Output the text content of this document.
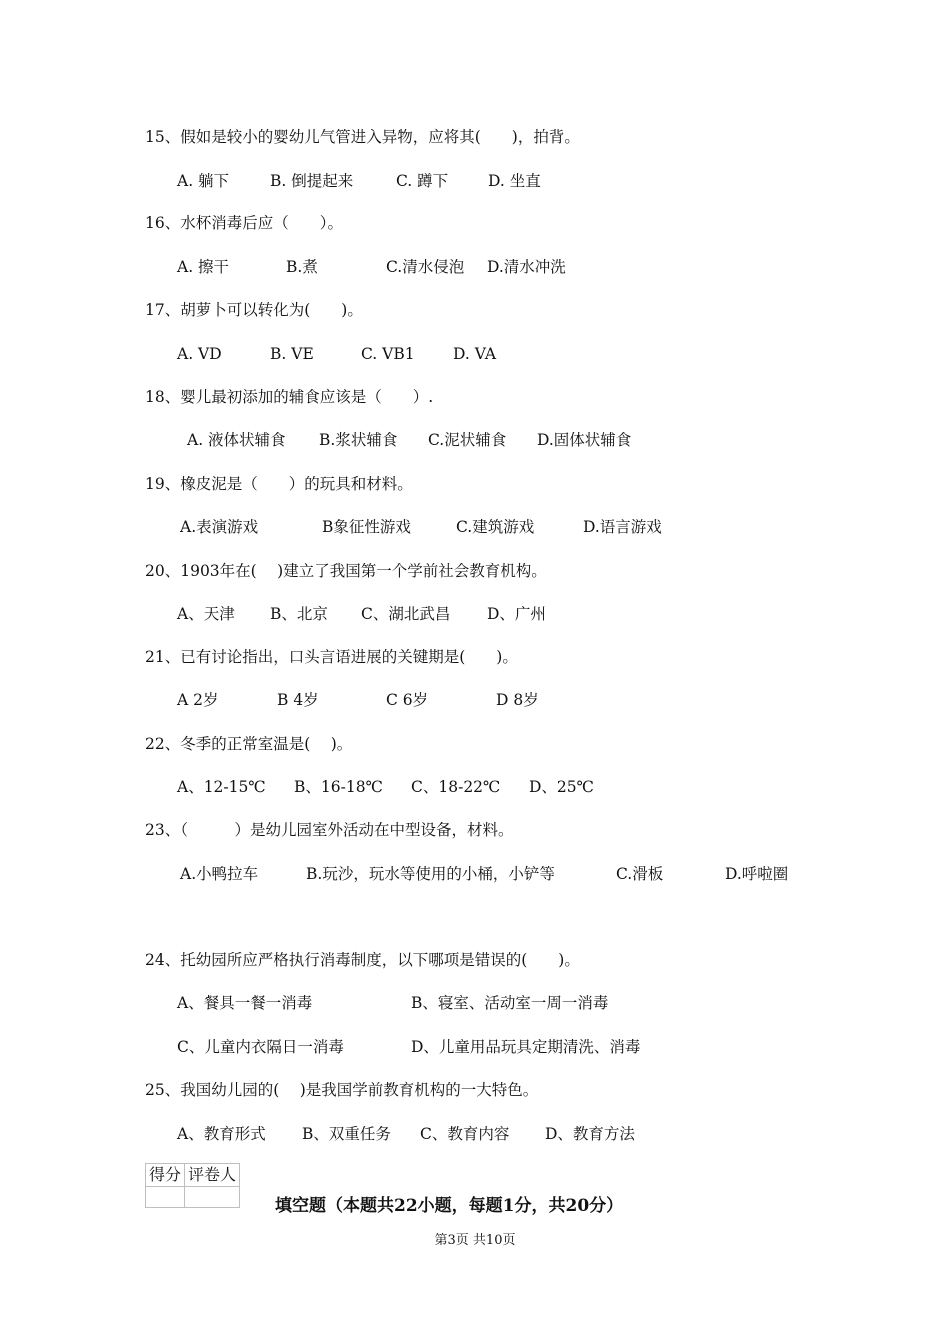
15、假如是较小的婴幼儿气管进入异物，应将其(　　)，拍背。
A. 躺下	B. 倒提起来	C. 蹲下	D. 坐直
16、水杯消毒后应（　　）。
A. 擦干	B.煮	C.清水侵泡 D.清水冲洗
17、胡萝卜可以转化为(　　)。
A. VD	B. VE	C. VB1 D. VA
18、婴儿最初添加的辅食应该是（　　）.
A. 液体状辅食 B.浆状辅食 C.泥状辅食 D.固体状辅食
19、橡皮泥是（　　）的玩具和材料。
A.表演游戏	B象征性游戏	C.建筑游戏	D.语言游戏
20、1903年在(　 )建立了我国第一个学前社会教育机构。
A、天津 B、北京 C、湖北武昌 D、广州
21、已有讨论指出，口头言语进展的关键期是(　　)。
A 2岁	B 4岁	C 6岁	D 8岁
22、冬季的正常室温是(　 )。
A、12-15℃ B、16-18℃ C、18-22℃ D、25℃
23、（　　　）是幼儿园室外活动在中型设备，材料。
A.小鸭拉车	B.玩沙，玩水等使用的小桶，小铲等	C.滑板	D.呼啦圈
24、托幼园所应严格执行消毒制度，以下哪项是错误的(　　)。
A、餐具一餐一消毒	B、寝室、活动室一周一消毒
C、儿童内衣隔日一消毒	D、儿童用品玩具定期清洗、消毒
25、我国幼儿园的(　 )是我国学前教育机构的一大特色。
A、教育形式 B、双重任务 C、教育内容 D、教育方法
得分	评卷人

填空题（本题共22小题，每题1分，共20分）
第3页 共10页
